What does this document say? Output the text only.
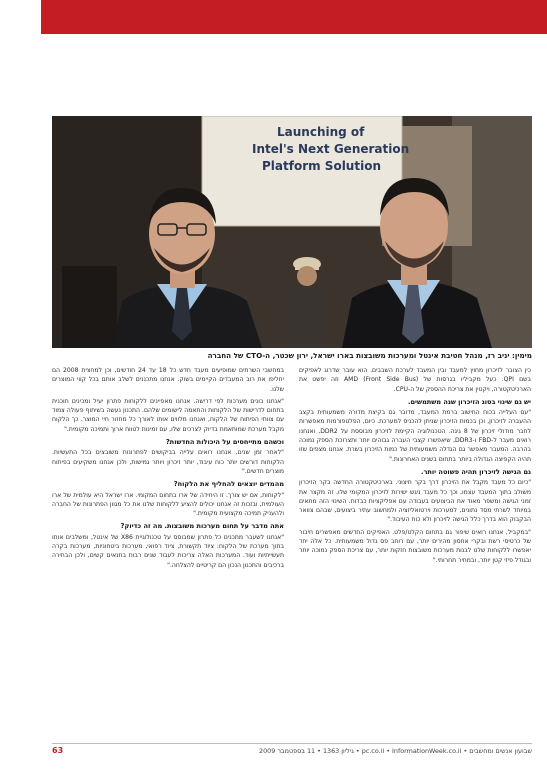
Launching of
Intel's Next Generation
Platform Solution
מימין: יניב רז, מנהל חטיבת אינטל ומערכות משובצות בארו ישראל, ירון שכטר, ה-CTO של החברה

כין הצובר לזיכרון מחוץ למעבד ובין המעבד לערכת השבבים. הוא עובר שדרוג לאפיקים בשם QPI. כעל מקביליו בגרסות של AMD (Front Side Bus) וזה יפשט את הארכיטקטורה, ויקטין את צריכת ההספק של ה-CPU.

יש גם שינוי בסוג הזיכרון שנה משתמשים.

"עם העלייה בכוח החישוב ברמת המעבד, מדובר גם בקיצת מדורה משמעותית בקצב ההעברה לזיכרון, וכן בכמות הזיכרון שניתן להכניס למערכת. כיום, הפלטפורמות מאפשרות לחבר מודולי זיכרון של 8 גיגה. הטכנולוגיה הקיימת לזיכרון מבוססת על DDR2, ואנחנו רואים מעבר ל-FBD ו-DDR3, שיאפשרו קצבי העברה גבוהים יותר ותצרוכת הספק נמוכה בהרבה. המעבר מאפשר גם הגדלה משמעותית של כמות הזיכרון בשרת. אנחנו מצפים שזו תהיה הקפיצה הגדולה ביותר בתחום בשנים האחרונות."

גם הגישה לזיכרון תהיה פשוטה יותר.

"כיום כל מעבד מקבל את הזיכרון דרך בקר חיצוני. בארכיטקטורה החדשה בקר הזיכרון משולב בתוך המעבד עצמו, וכך כל מעבד ניגש ישירות לזיכרון המקומי שלו. זה מקצר את זמני הגישה ומשפר מאוד את הביצועים בעבודה עם אפליקציות כבדות. השינוי הזה מתאים במיוחד לשרתי מסד נתונים, למערכות וירטואליזציה ולמחשוב עתיר ביצועים, שבהם צוואר הבקבוק הוא בדרך כלל הגישה לזיכרון ולא כוח העיבוד."

"במקביל, אנחנו רואים שיפור גם בתחום הקלט/פלט. האפיקים החדשים מאפשרים חיבור של כרטיסי רשת ובקרי אחסון מהירים יותר, עם רוחב פס גדול משמעותית. כל אלה יחד יאפשרו ללקוחות שלנו לבנות מערכות משובצות חזקות יותר, עם צריכת הספק נמוכה יותר ובגודל פיזי קטן יותר, ובמחיר תחרותי."

במחשבי השרתים שמופיעים מעבד חדש כל 18 עד 24 חודשים, וכן למחצית 2008 הם יחליפו את רוב המעבדים הקיימים בשוק. אנחנו מתכננים לשלב אותם בכל קווי המוצרים שלנו.

"אנחנו בונים מערכות לפי דרישה. אנחנו מאפיינים ללקוחות פתרון יעיל ומכינים תוכנית בתחום לדרישות של הלקוחות והתאמה לישומים שלהם. התכנון נעשה בשיתוף פעולה צמוד עם צוותי הפיתוח של הלקוח, ואנחנו מלווים אותו לאורך כל מחזור חיי המוצר. כך הלקוח מקבל מערכת שמותאמת בדיוק לצרכים שלו, עם זמינות לטווח ארוך ותמיכה מקומית."

וכשהם מתייחסים על היכולות החדשות?

"לאחר זמן שנים, אנחנו רואים עלייה בביקושים לפתרונות משובצים בכל התעשיות. הלקוחות דורשים יותר כוח עיבוד, יותר זיכרון ויותר גמישות, ולכן אנחנו משקיעים בפיתוח מוצרים חדשים."

מהמדים יוצאים להחליף את הלקוח?

"לקוחות, אם יש צורך. זו היחידה של ארו בתחום המקומי. ארו ישראל היא עולמית של ארו העולמית, ובזכות זה אנחנו יכולים להציע ללקוחות שלנו את כל מגוון הפתרונות של החברה ולהעניק תמיכה מקצועית מקומית."

אתה מדבר על תחום מערכות משובצות. מה זה כדיוק?

"אנחנו לשעבר מתכנים כל פתרון שמבוסס על טכנולוגיית X86 של אינטל, ומשלבים אותו בתוך מערכת של הלקוח: ציוד תקשורת, ציוד רפואי, מערכות ביטחוניות, מערכות בקרה תעשייתיות ועוד. המערכות האלה צריכות לעבוד שנים רבות בתנאים קשים, ולכן הבחירה ברכיבים והתכנון הנכון הם קריטיים להצלחה."

63	שבועון אנשים ומחשבים • pc.co.il • InformationWeek.co.il • גיליון 1363 • 11 בספטמבר 2009
